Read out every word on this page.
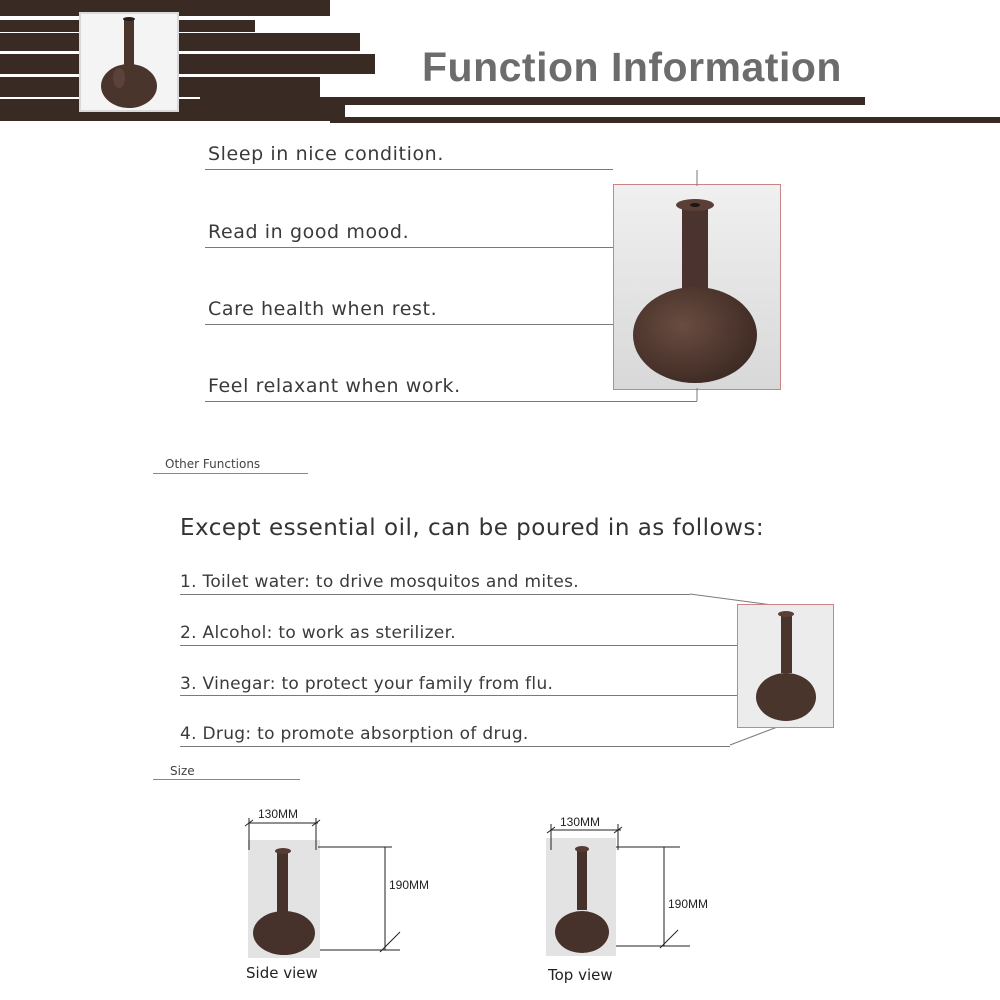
Function Information
Sleep in nice condition.
Read in good mood.
Care health when rest.
Feel relaxant when work.
Other Functions
Except essential oil, can be poured in as follows:
1. Toilet water: to drive mosquitos and mites.
2. Alcohol: to work as sterilizer.
3. Vinegar: to protect your family from flu.
4. Drug: to promote absorption of drug.
Size
130MM
190MM
Side view
130MM
190MM
Top view
